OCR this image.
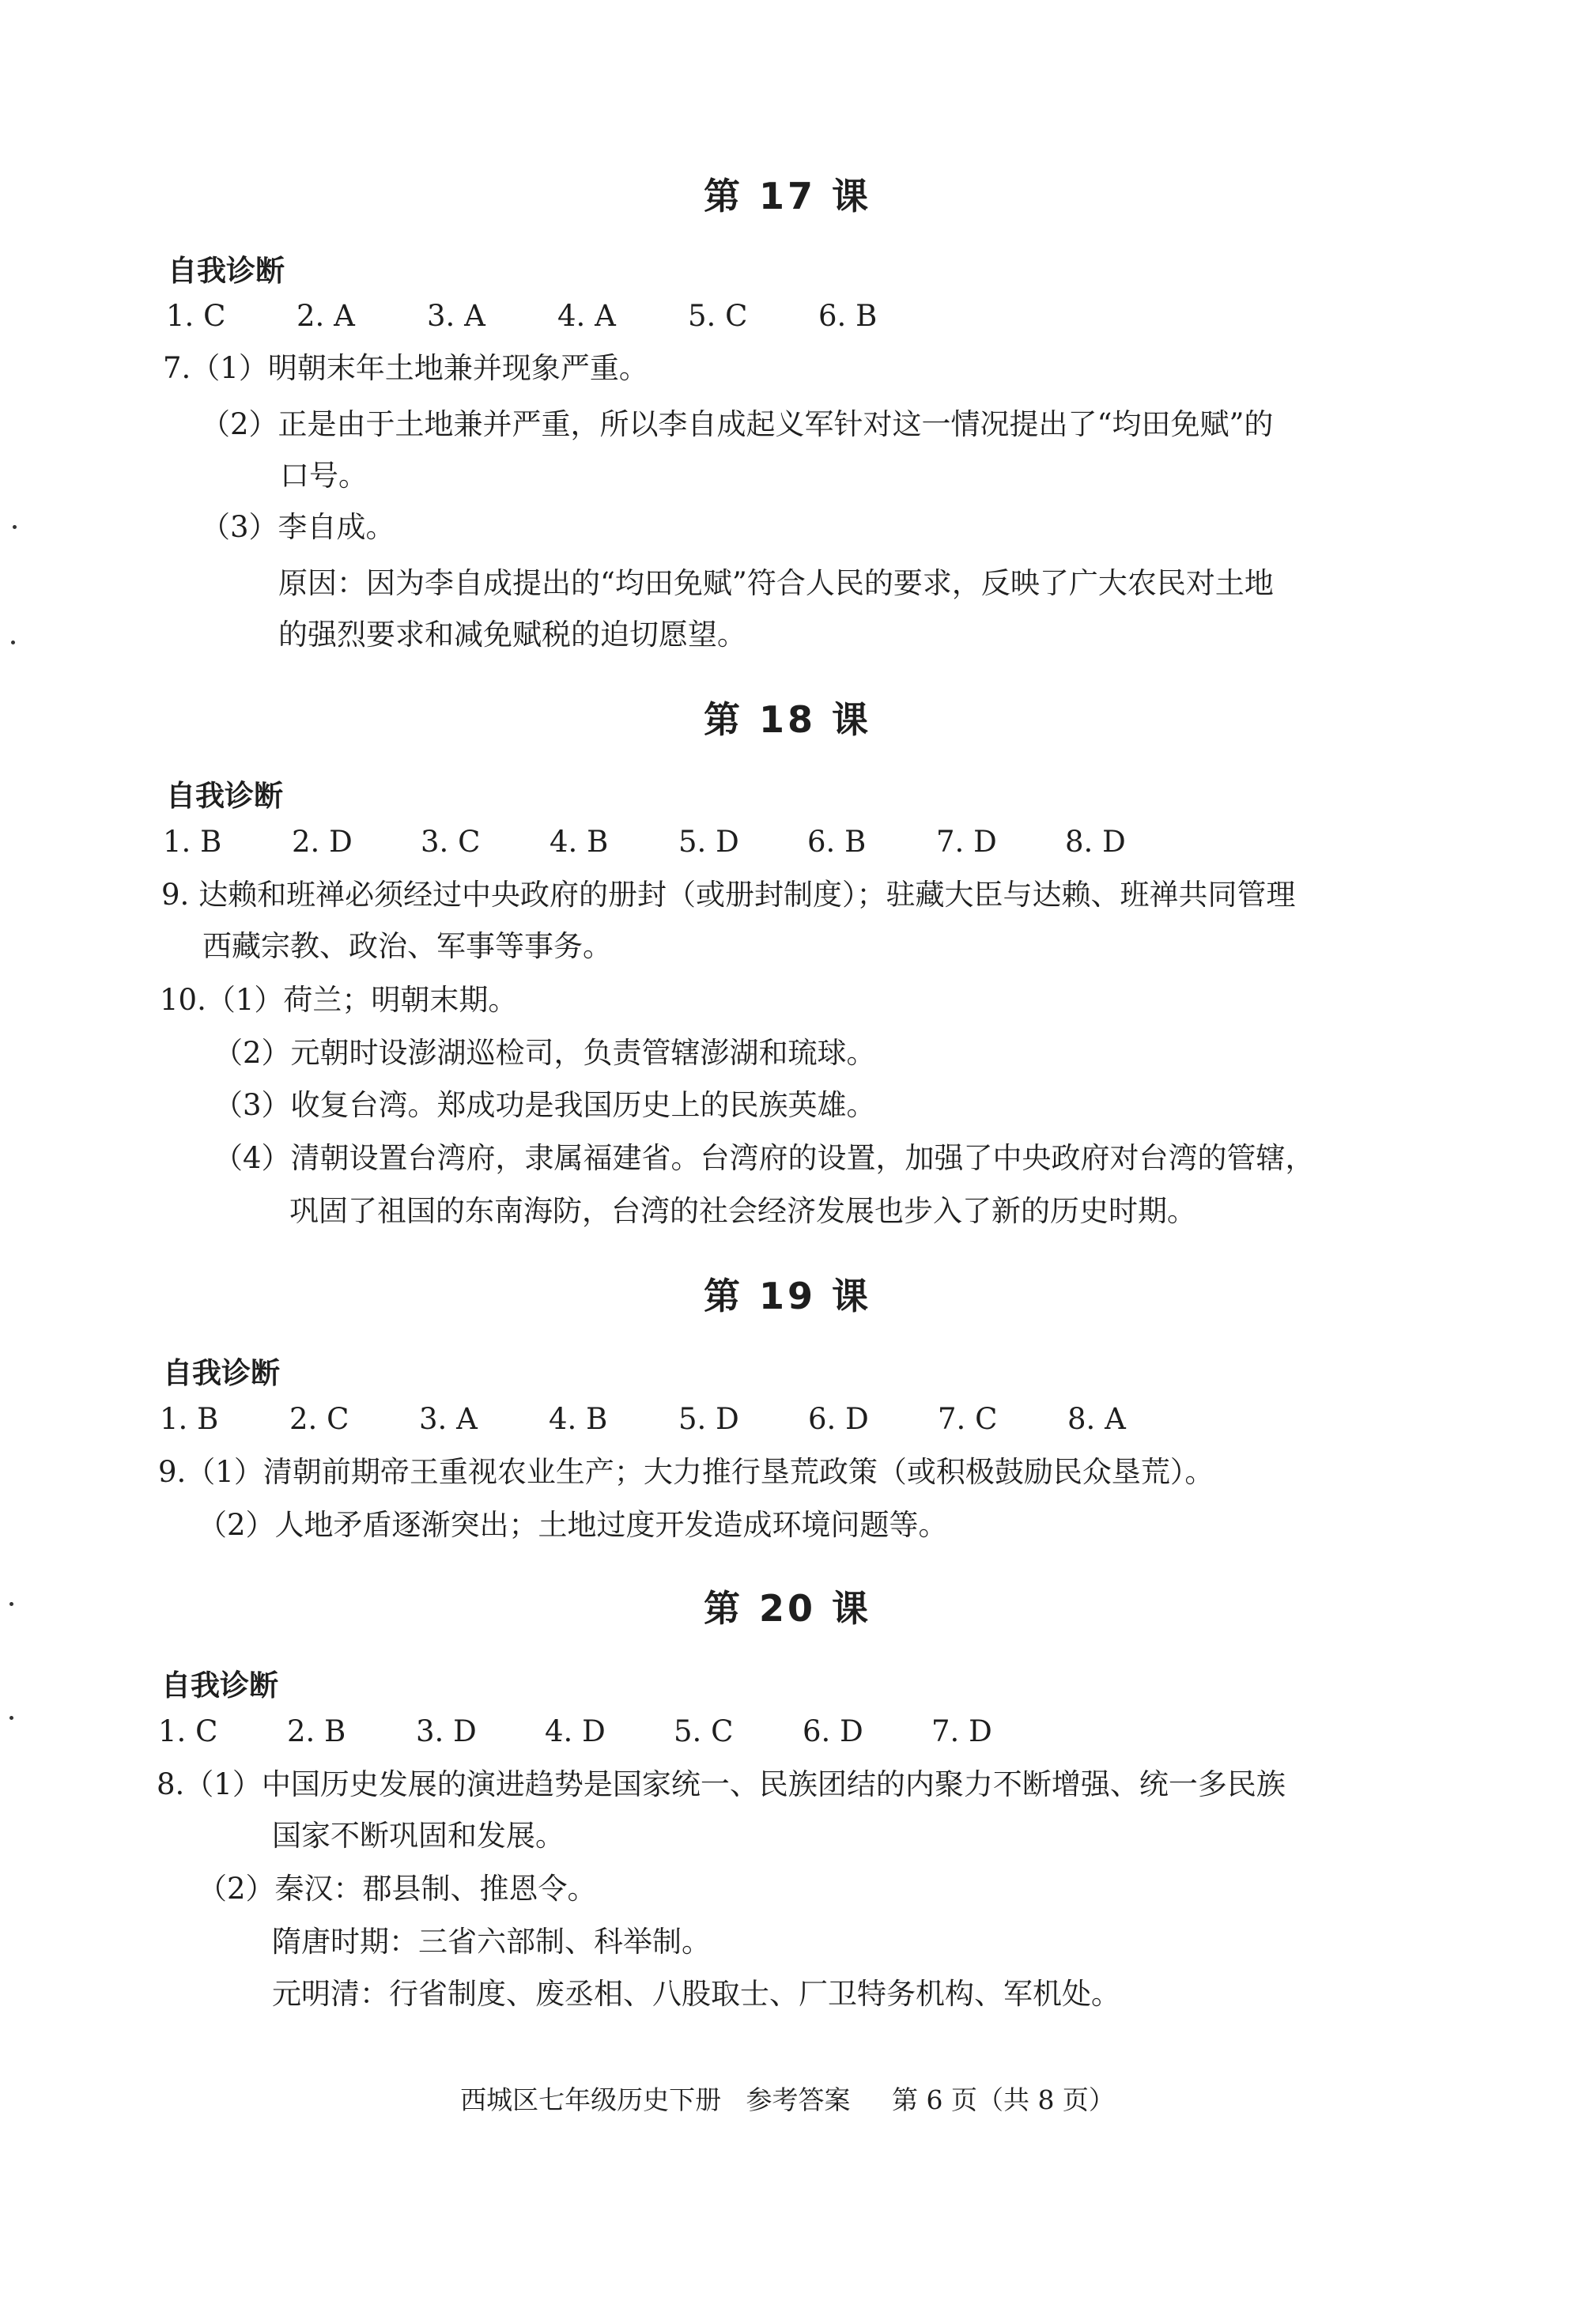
第 17 课
自我诊断
1. C 2. A 3. A 4. A 5. C 6. B
7.（1）明朝末年土地兼并现象严重。
（2）正是由于土地兼并严重，所以李自成起义军针对这一情况提出了“均田免赋”的
口号。
（3）李自成。
原因：因为李自成提出的“均田免赋”符合人民的要求，反映了广大农民对土地
的强烈要求和减免赋税的迫切愿望。
第 18 课
自我诊断
1. B 2. D 3. C 4. B 5. D 6. B 7. D 8. D
9. 达赖和班禅必须经过中央政府的册封（或册封制度）；驻藏大臣与达赖、班禅共同管理
西藏宗教、政治、军事等事务。
10.（1）荷兰；明朝末期。
（2）元朝时设澎湖巡检司，负责管辖澎湖和琉球。
（3）收复台湾。郑成功是我国历史上的民族英雄。
（4）清朝设置台湾府，隶属福建省。台湾府的设置，加强了中央政府对台湾的管辖，
巩固了祖国的东南海防，台湾的社会经济发展也步入了新的历史时期。
第 19 课
自我诊断
1. B 2. C 3. A 4. B 5. D 6. D 7. C 8. A
9.（1）清朝前期帝王重视农业生产；大力推行垦荒政策（或积极鼓励民众垦荒）。
（2）人地矛盾逐渐突出；土地过度开发造成环境问题等。
第 20 课
自我诊断
1. C 2. B 3. D 4. D 5. C 6. D 7. D
8.（1）中国历史发展的演进趋势是国家统一、民族团结的内聚力不断增强、统一多民族
国家不断巩固和发展。
（2）秦汉：郡县制、推恩令。
隋唐时期：三省六部制、科举制。
元明清：行省制度、废丞相、八股取士、厂卫特务机构、军机处。
西城区七年级历史下册   参考答案     第 6 页（共 8 页）
